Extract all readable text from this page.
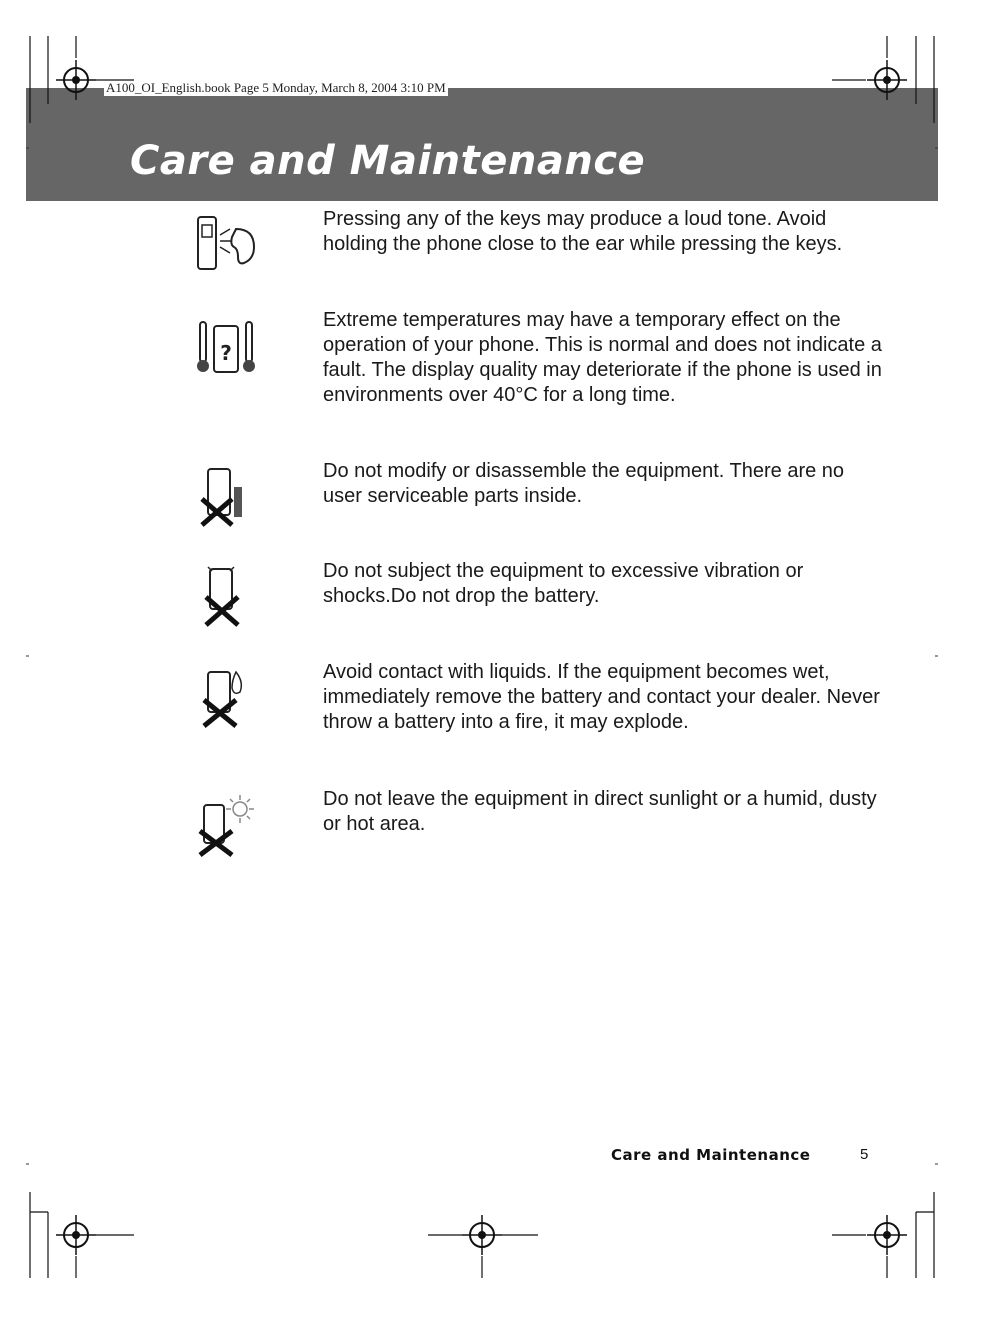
A100_OI_English.book Page 5 Monday, March 8, 2004 3:10 PM
Care and Maintenance
Pressing any of the keys may produce a loud tone. Avoid holding the phone close to the ear while pressing the keys.
?
Extreme temperatures may have a temporary effect on the operation of your phone. This is normal and does not indicate a fault. The display quality may deteriorate if the phone is used in environments over 40°C for a long time.
Do not modify or disassemble the equipment. There are no user serviceable parts inside.
Do not subject the equipment to excessive vibration or shocks.Do not drop the battery.
Avoid contact with liquids. If the equipment becomes wet, immediately remove the battery and contact your dealer. Never throw a battery into a fire, it may explode.
Do not leave the equipment in direct sunlight or a humid, dusty or hot area.
Care and Maintenance	5
